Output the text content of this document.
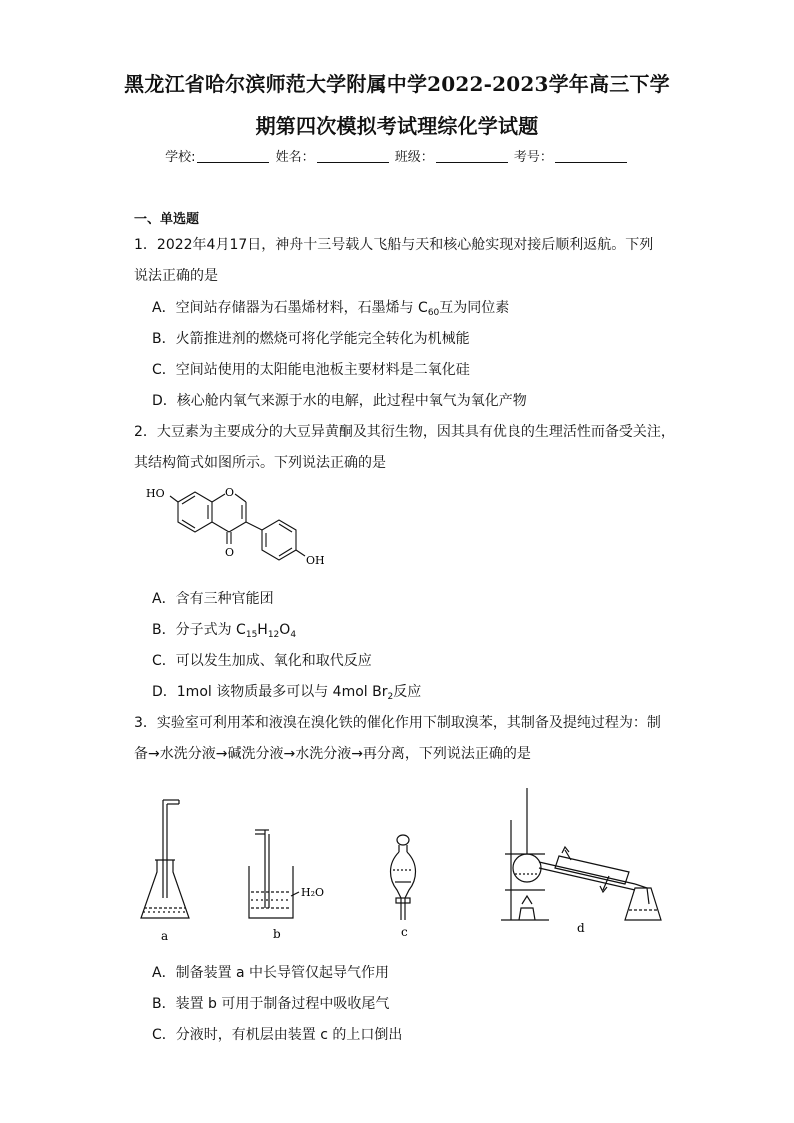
黑龙江省哈尔滨师范大学附属中学2022-2023学年高三下学
期第四次模拟考试理综化学试题
学校:	姓名：	班级：	考号：
一、单选题
1．2022年4月17日，神舟十三号载人飞船与天和核心舱实现对接后顺利返航。下列
说法正确的是
A．空间站存储器为石墨烯材料，石墨烯与 $C_{60}$互为同位素
B．火箭推进剂的燃烧可将化学能完全转化为机械能
C．空间站使用的太阳能电池板主要材料是二氧化硅
D．核心舱内氧气来源于水的电解，此过程中氧气为氧化产物
2．大豆素为主要成分的大豆异黄酮及其衍生物，因其具有优良的生理活性而备受关注，
其结构简式如图所示。下列说法正确的是
HO	O
O
OH
A．含有三种官能团
B．分子式为 $C_{15}H_{12}O_4$
C．可以发生加成、氧化和取代反应
D．1mol 该物质最多可以与 4mol $Br_2$反应
3．实验室可利用苯和液溴在溴化铁的催化作用下制取溴苯，其制备及提纯过程为：制
备→水洗分液→碱洗分液→水洗分液→再分离，下列说法正确的是
a	b
H₂O
c	d
A．制备装置 a 中长导管仅起导气作用
B．装置 b 可用于制备过程中吸收尾气
C．分液时，有机层由装置 c 的上口倒出
